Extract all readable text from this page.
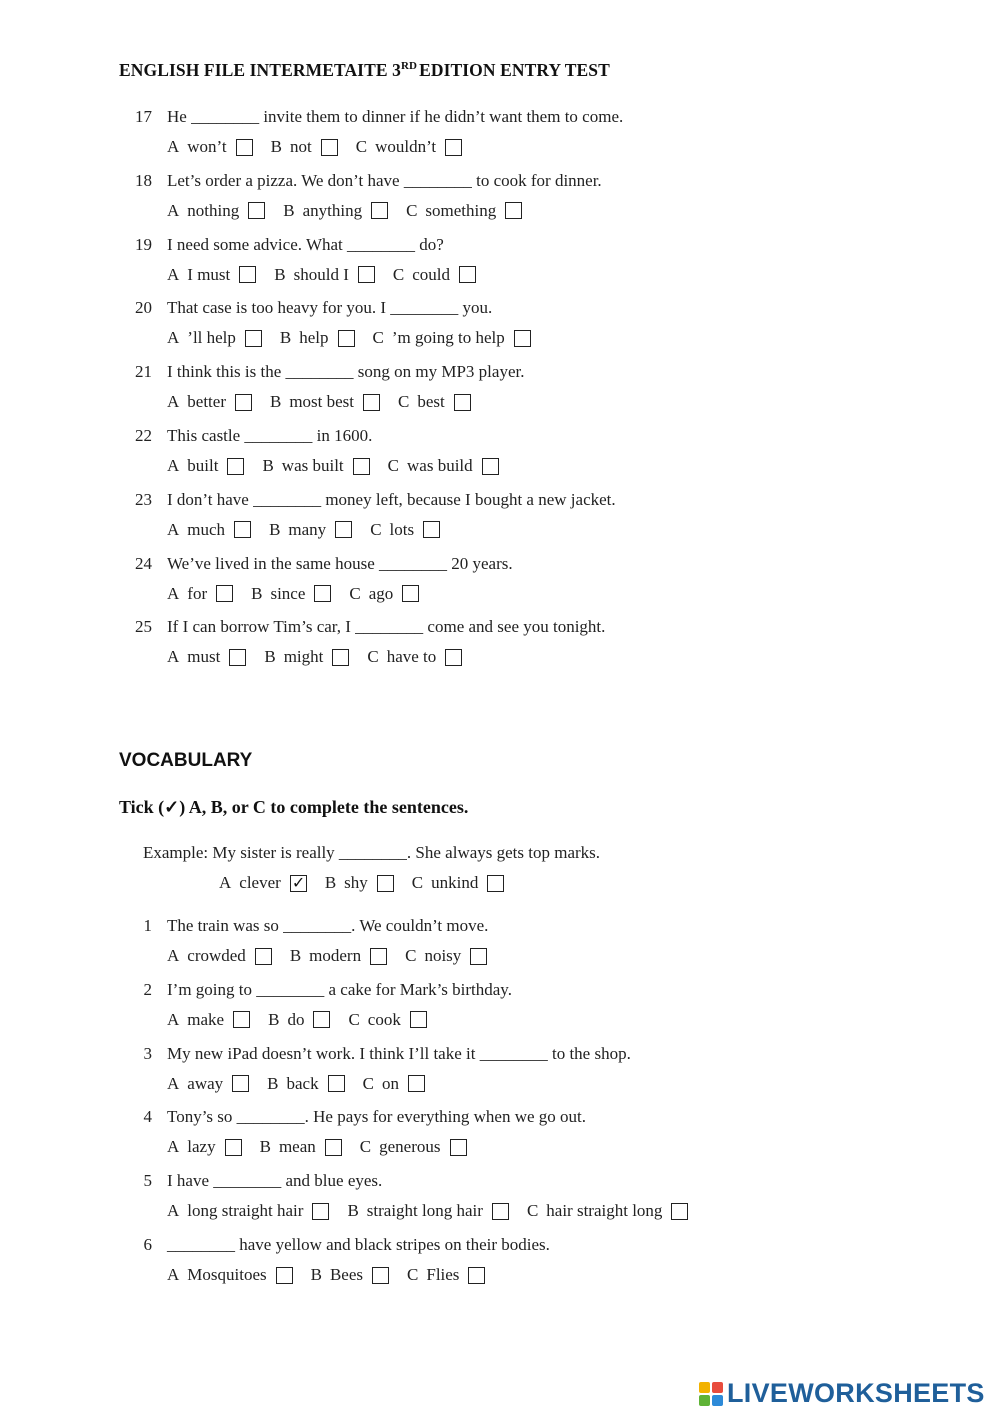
ENGLISH FILE INTERMETAITE 3RD EDITION ENTRY TEST
17 He ________ invite them to dinner if he didn’t want them to come.
A won’t	B not	C wouldn’t
18 Let’s order a pizza. We don’t have ________ to cook for dinner.
A nothing	B anything	C something
19 I need some advice. What ________ do?
A I must	B should I	C could
20 That case is too heavy for you. I ________ you.
A ’ll help	B help	C ’m going to help
21 I think this is the ________ song on my MP3 player.
A better	B most best	C best
22 This castle ________ in 1600.
A built	B was built	C was build
23 I don’t have ________ money left, because I bought a new jacket.
A much	B many	C lots
24 We’ve lived in the same house ________ 20 years.
A for	B since	C ago
25 If I can borrow Tim’s car, I ________ come and see you tonight.
A must	B might	C have to
VOCABULARY
Tick (✓) A, B, or C to complete the sentences.
Example: My sister is really ________. She always gets top marks.
A clever
✓	B shy	C unkind
1 The train was so ________. We couldn’t move.
A crowded	B modern	C noisy
2 I’m going to ________ a cake for Mark’s birthday.
A make	B do	C cook
3 My new iPad doesn’t work. I think I’ll take it ________ to the shop.
A away	B back	C on
4 Tony’s so ________. He pays for everything when we go out.
A lazy	B mean	C generous
5 I have ________ and blue eyes.
A long straight hair	B straight long hair	C hair straight long
6 ________ have yellow and black stripes on their bodies.
A Mosquitoes	B Bees	C Flies
LIVEWORKSHEETS
